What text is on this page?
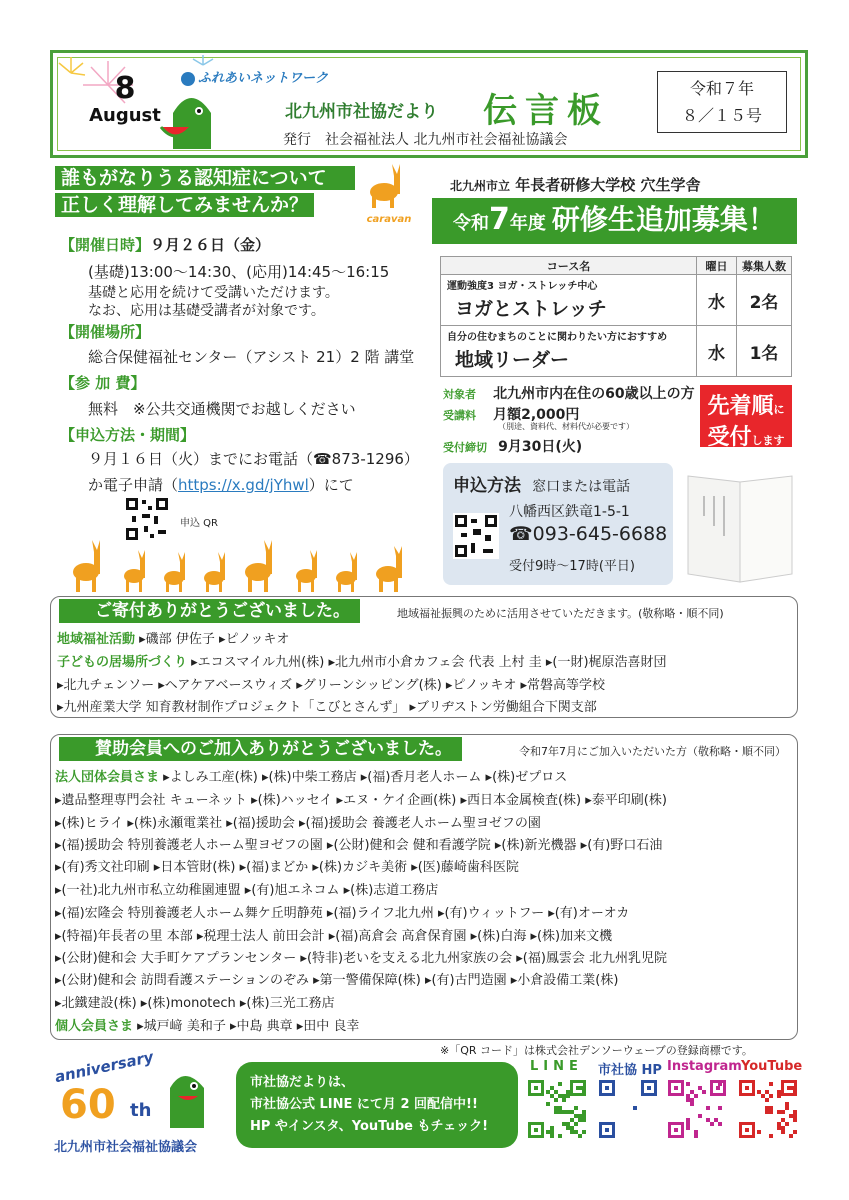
8
August
ふれあいネットワーク
北九州市社協だより 伝言板
発行　社会福祉法人 北九州市社会福祉協議会
令和７年
８／１５号
誰もがなりうる認知症について
正しく理解してみませんか？
caravan
【開催日時】９月２６日（金）
(基礎)13:00～14:30、(応用)14:45～16:15
基礎と応用を続けて受講いただけます。
なお、応用は基礎受講者が対象です。
【開催場所】
総合保健福祉センター（アシスト 21）2 階 講堂
【参 加 費】
無料　※公共交通機関でお越しください
【申込方法・期間】
９月１６日（火）までにお電話（☎873-1296）
か電子申請（https://x.gd/jYhwl）にて
申込 QR
北九州市立 年長者研修大学校 穴生学舎
令和7年度 研修生追加募集！
コース名	曜日	募集人数

運動強度3 ヨガ・ストレッチ中心
ヨガとストレッチ	水	2名

自分の住むまちのことに関わりたい方におすすめ
地域リーダー	水	1名
対象者 北九州市内在住の60歳以上の方
受講料 月額2,000円
（別途、資料代、材料代が必要です）
受付締切 9月30日(火)
先着順に
受付します
申込方法 窓口または電話
八幡西区鉄竜1-5-1
☎093-645-6688
受付9時～17時(平日)
ご寄付ありがとうございました。	地域福祉振興のために活用させていただきます。(敬称略・順不同)
地域福祉活動 ▸磯部 伊佐子 ▸ピノッキオ
子どもの居場所づくり ▸エコスマイル九州(株) ▸北九州市小倉カフェ会 代表 上村 圭 ▸(一財)梶原浩喜財団
▸北九チェンソー ▸ヘアケアベースウィズ ▸グリーンシッピング(株) ▸ピノッキオ ▸常磐高等学校
▸九州産業大学 知育教材制作プロジェクト「こびとさんず」 ▸ブリヂストン労働組合下関支部
賛助会員へのご加入ありがとうございました。	令和7年7月にご加入いただいた方（敬称略・順不同）
法人団体会員さま ▸よしみ工産(株) ▸(株)中柴工務店 ▸(福)香月老人ホーム ▸(株)ゼプロス
▸遺品整理専門会社 キューネット ▸(株)ハッセイ ▸エヌ・ケイ企画(株) ▸西日本金属検査(株) ▸泰平印刷(株)
▸(株)ヒライ ▸(株)永瀬電業社 ▸(福)援助会 ▸(福)援助会 養護老人ホーム聖ヨゼフの園
▸(福)援助会 特別養護老人ホーム聖ヨゼフの園 ▸(公財)健和会 健和看護学院 ▸(株)新光機器 ▸(有)野口石油
▸(有)秀文社印刷 ▸日本管財(株) ▸(福)まどか ▸(株)カジキ美術 ▸(医)藤崎歯科医院
▸(一社)北九州市私立幼稚園連盟 ▸(有)旭エネコム ▸(株)志道工務店
▸(福)宏隆会 特別養護老人ホーム舞ケ丘明静苑 ▸(福)ライフ北九州 ▸(有)ウィットフー ▸(有)オーオカ
▸(特福)年長者の里 本部 ▸税理士法人 前田会計 ▸(福)高倉会 高倉保育園 ▸(株)白海 ▸(株)加来文機
▸(公財)健和会 大手町ケアプランセンター ▸(特非)老いを支える北九州家族の会 ▸(福)鳳雲会 北九州乳児院
▸(公財)健和会 訪問看護ステーションのぞみ ▸第一警備保障(株) ▸(有)古門造園 ▸小倉設備工業(株)
▸北鐵建設(株) ▸(株)monotech ▸(株)三光工務店
個人会員さま ▸城戸﨑 美和子 ▸中島 典章 ▸田中 良幸
※「QR コード」は株式会社デンソーウェーブの登録商標です。
anniversary
60 th
北九州市社会福祉協議会
市社協だよりは、
市社協公式 LINE にて月 2 回配信中!!
HP やインスタ、YouTube もチェック!
LINE 市社協 HP Instagram YouTube
